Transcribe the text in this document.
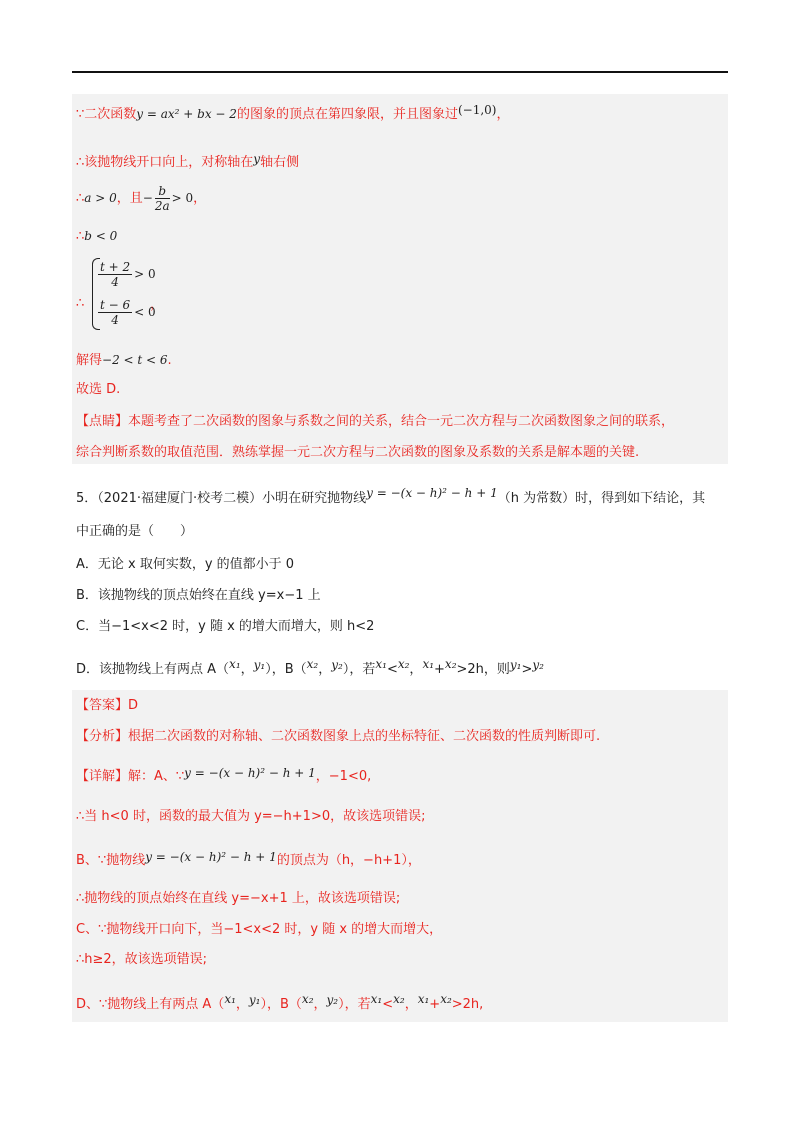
∵二次函数y = ax² + bx − 2的图象的顶点在第四象限，并且图象过(−1,0)，
∴该抛物线开口向上，对称轴在y轴右侧
∴a > 0，且− $\frac{b}{2a} > 0$，
∴b < 0
$\frac{t + 2}{4} > 0$
∴	，
$\frac{t - 6}{4} < 0$
解得−2 < t < 6.
故选 D.
【点睛】本题考查了二次函数的图象与系数之间的关系，结合一元二次方程与二次函数图象之间的联系，
综合判断系数的取值范围．熟练掌握一元二次方程与二次函数的图象及系数的关系是解本题的关键.
5．（2021·福建厦门·校考二模）小明在研究抛物线y = −(x − h)² − h + 1（h 为常数）时，得到如下结论，其
中正确的是（　　）
A．无论 x 取何实数，y 的值都小于 0
B．该抛物线的顶点始终在直线 y=x−1 上
C．当−1<x<2 时，y 随 x 的增大而增大，则 h<2
D．该抛物线上有两点 A（x₁，y₁），B（x₂，y₂），若x₁<x₂，x₁+x₂>2h，则y₁>y₂
【答案】D
【分析】根据二次函数的对称轴、二次函数图象上点的坐标特征、二次函数的性质判断即可.
【详解】解：A、∵y = −(x − h)² − h + 1，−1<0,
∴当 h<0 时，函数的最大值为 y=−h+1>0，故该选项错误;
B、∵抛物线y = −(x − h)² − h + 1的顶点为（h，−h+1），
∴抛物线的顶点始终在直线 y=−x+1 上，故该选项错误;
C、∵抛物线开口向下，当−1<x<2 时，y 随 x 的增大而增大，
∴h≥2，故该选项错误;
D、∵抛物线上有两点 A（x₁，y₁），B（x₂，y₂），若x₁<x₂，x₁+x₂>2h,
